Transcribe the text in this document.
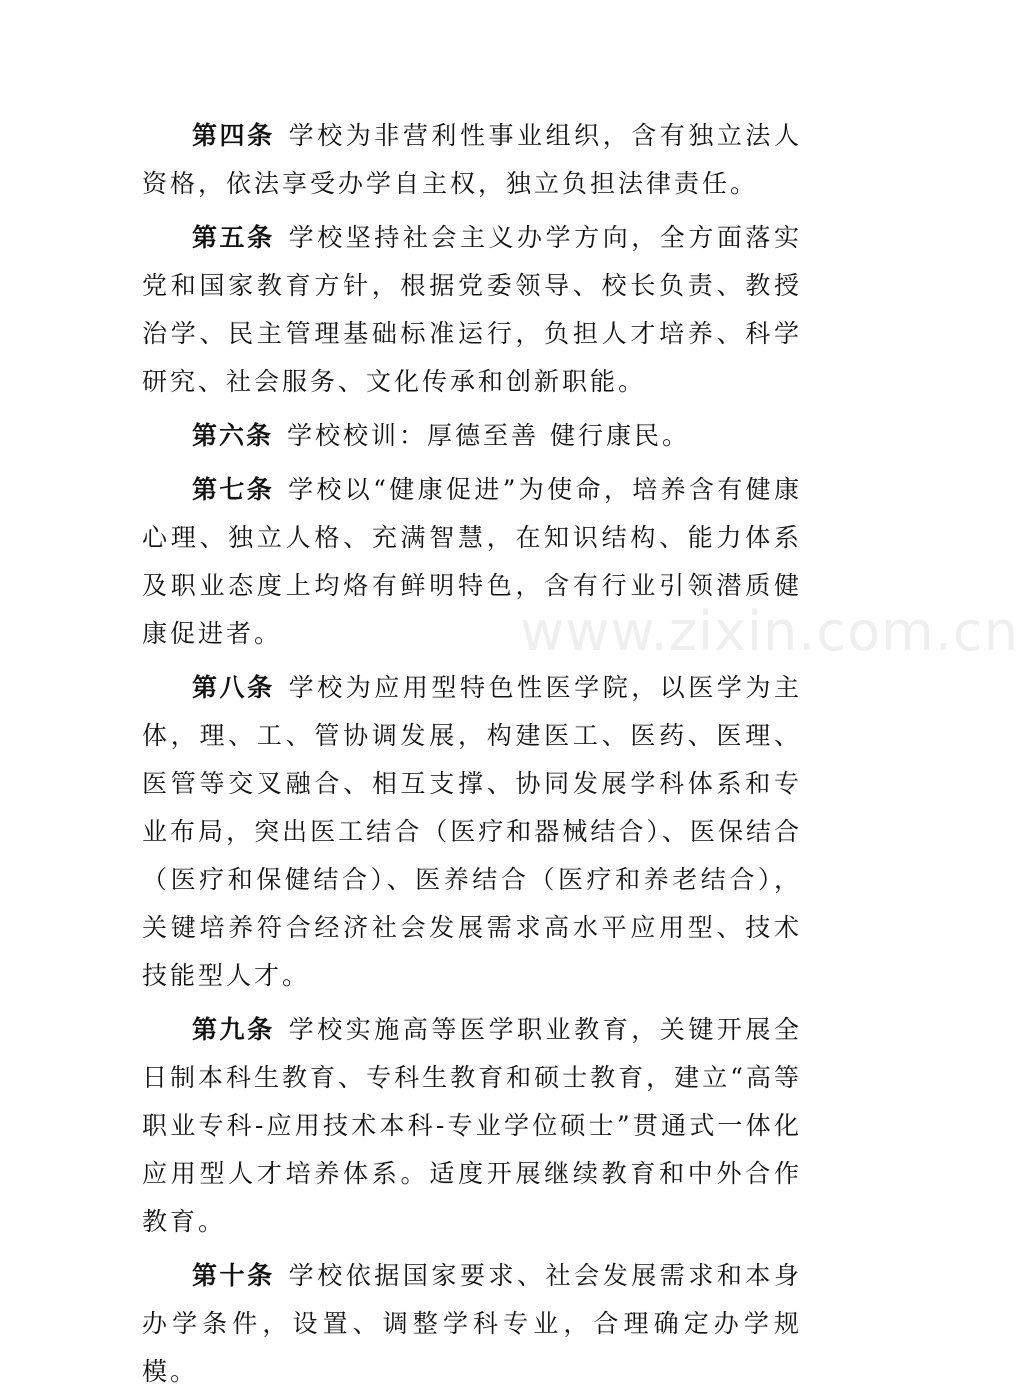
第四条 学校为非营利性事业组织，含有独立法人资格，依法享受办学自主权，独立负担法律责任。

第五条 学校坚持社会主义办学方向，全方面落实党和国家教育方针，根据党委领导、校长负责、教授治学、民主管理基础标准运行，负担人才培养、科学研究、社会服务、文化传承和创新职能。

第六条 学校校训：厚德至善 健行康民。

第七条 学校以“健康促进”为使命，培养含有健康心理、独立人格、充满智慧，在知识结构、能力体系及职业态度上均烙有鲜明特色，含有行业引领潜质健康促进者。

第八条 学校为应用型特色性医学院，以医学为主体，理、工、管协调发展，构建医工、医药、医理、医管等交叉融合、相互支撑、协同发展学科体系和专业布局，突出医工结合（医疗和器械结合）、医保结合（医疗和保健结合）、医养结合（医疗和养老结合），关键培养符合经济社会发展需求高水平应用型、技术技能型人才。

第九条 学校实施高等医学职业教育，关键开展全日制本科生教育、专科生教育和硕士教育，建立“高等职业专科-应用技术本科-专业学位硕士”贯通式一体化应用型人才培养体系。适度开展继续教育和中外合作教育。

第十条 学校依据国家要求、社会发展需求和本身办学条件，设置、调整学科专业，合理确定办学规模。

www.zixin.com.cn
